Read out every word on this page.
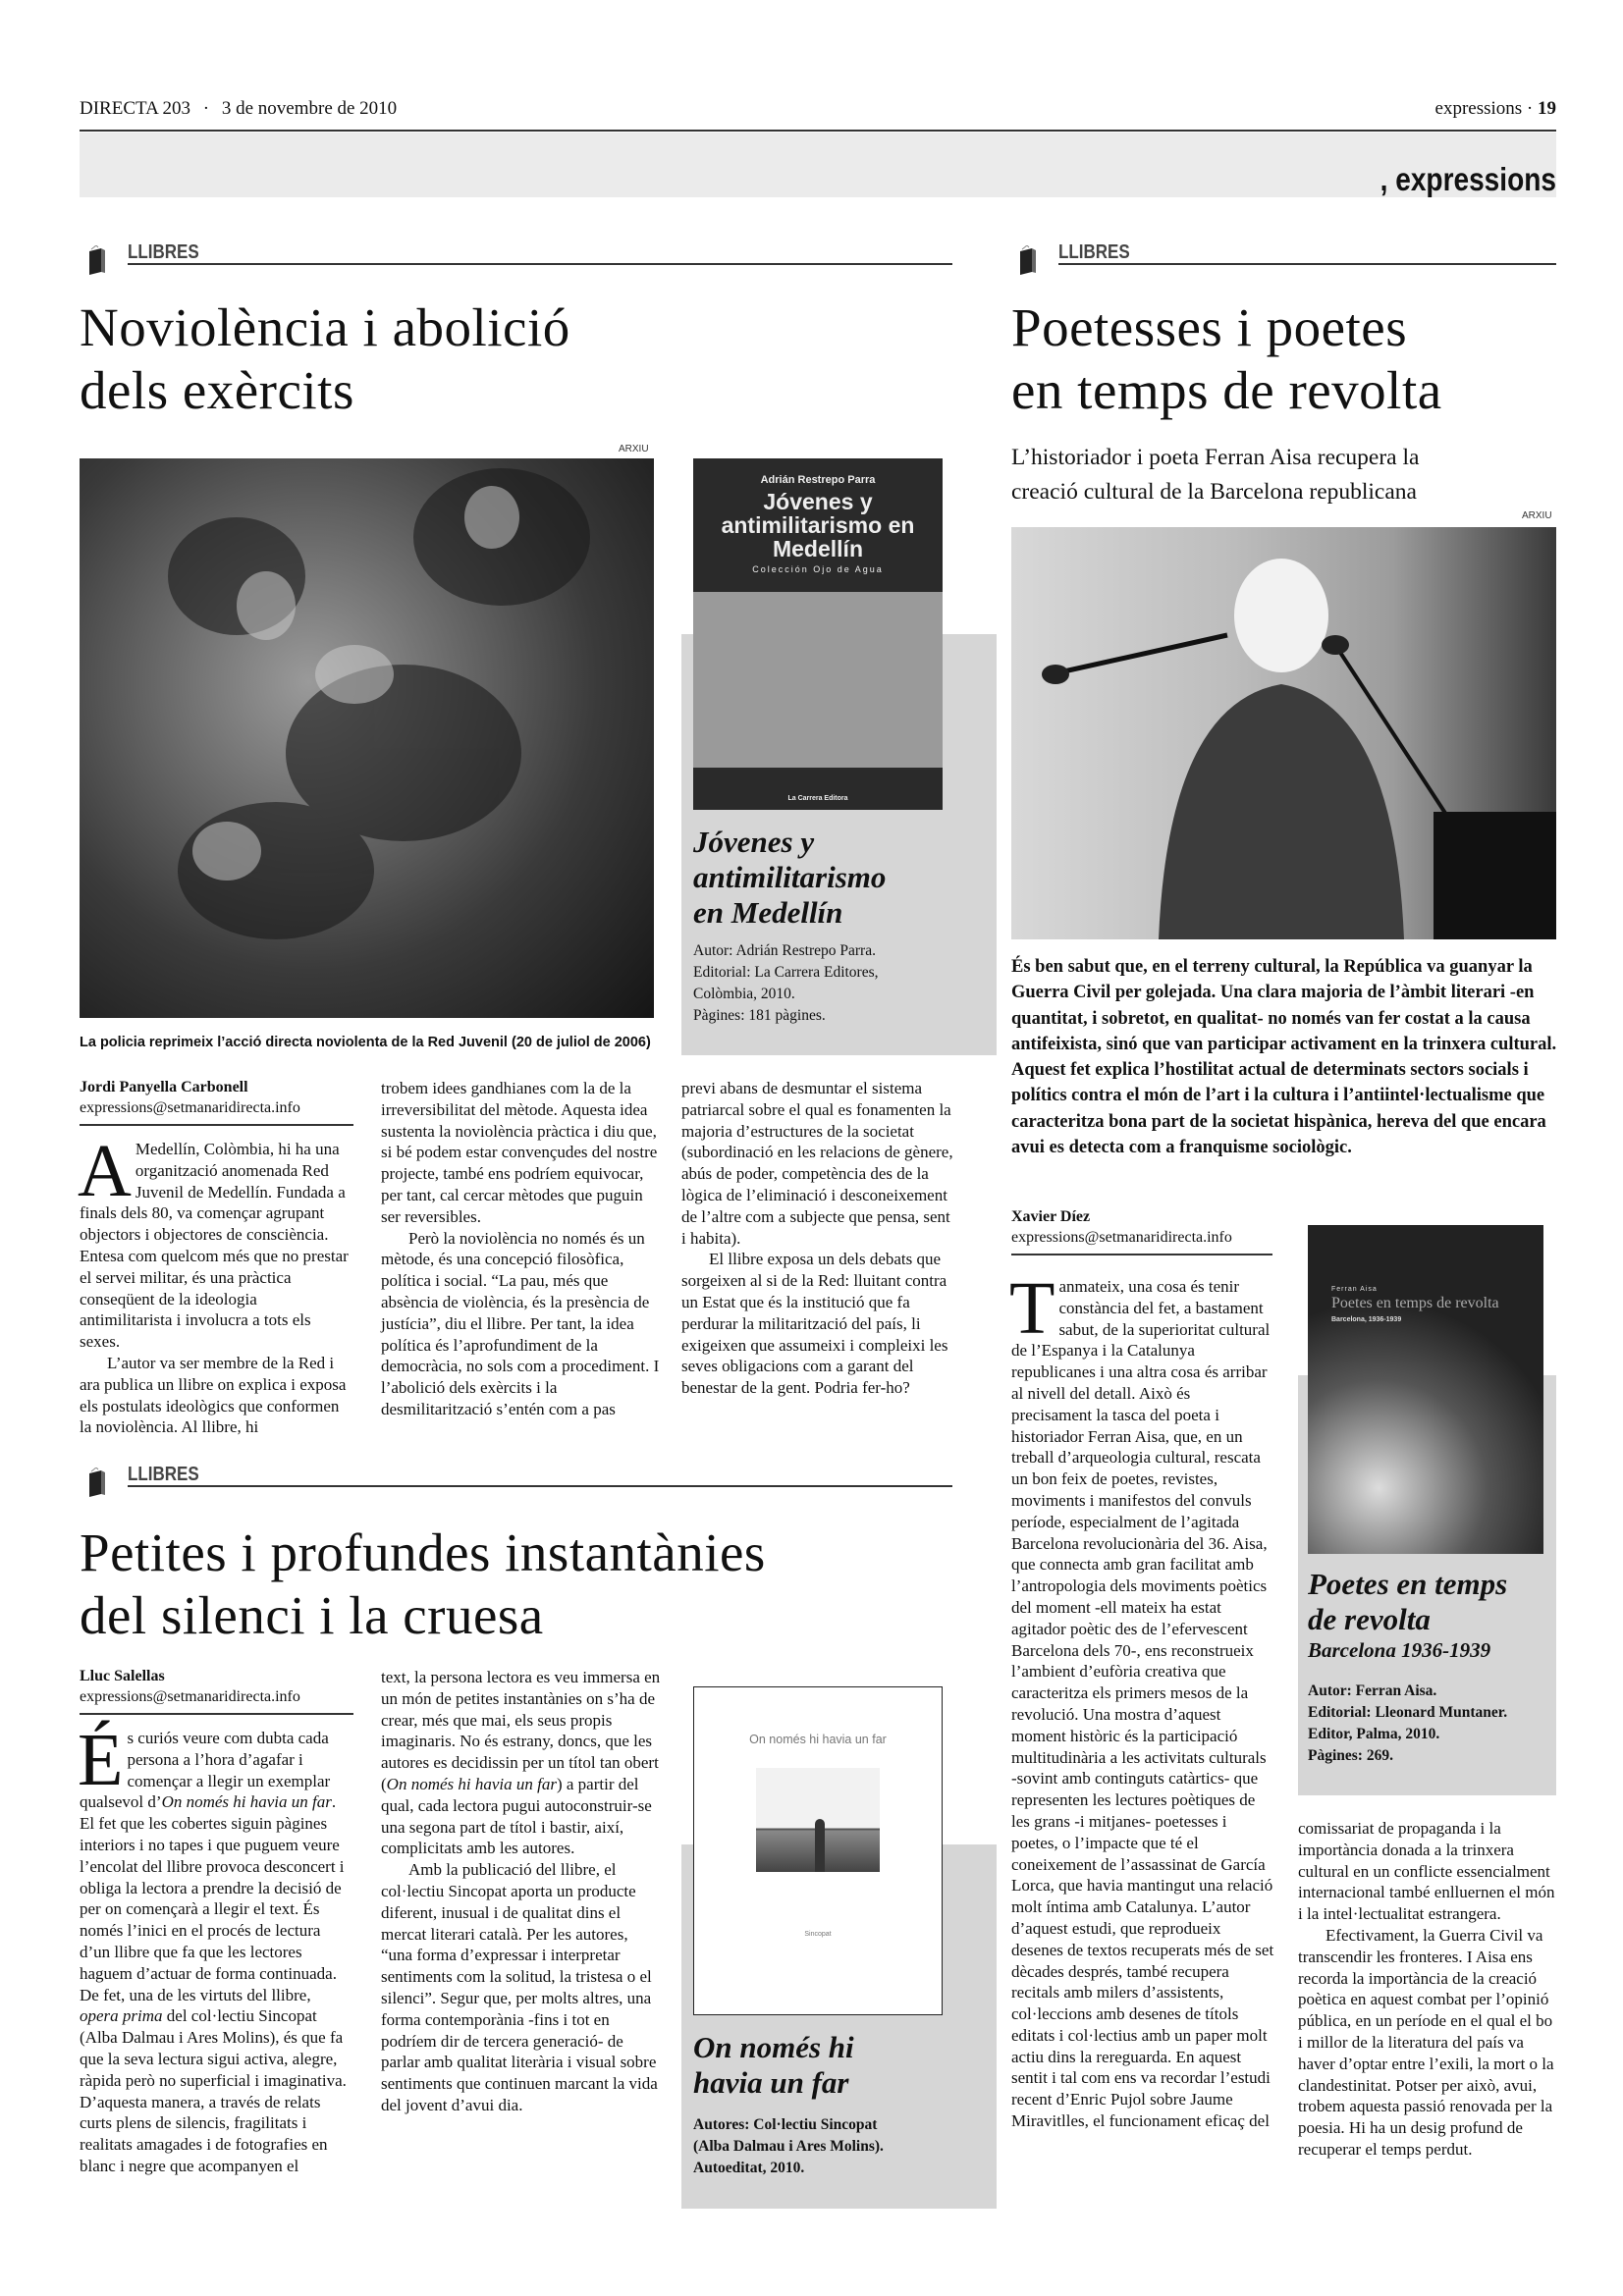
DIRECTA 203 · 3 de novembre de 2010	expressions · 19
, expressions
LLIBRES
Noviolència i abolició
dels exèrcits
ARXIU
La policia reprimeix l’acció directa noviolenta de la Red Juvenil (20 de juliol de 2006)
Adrián Restrepo Parra
Jóvenes y antimilitarismo en Medellín
Colección Ojo de Agua
La Carrera Editora
Jóvenes y
antimilitarismo
en Medellín
Autor: Adrián Restrepo Parra.
Editorial: La Carrera Editores,
Colòmbia, 2010.
Pàgines: 181 pàgines.
Jordi Panyella Carbonell
expressions@setmanaridirecta.info
A Medellín, Colòmbia, hi ha una organització anomenada Red Juvenil de Medellín. Fundada a finals dels 80, va començar agrupant objectors i objectores de consciència. Entesa com quelcom més que no prestar el servei militar, és una pràctica conseqüent de la ideologia antimilitarista i involucra a tots els sexes.

L’autor va ser membre de la Red i ara publica un llibre on explica i exposa els postulats ideològics que conformen la noviolència. Al llibre, hi

trobem idees gandhianes com la de la irreversibilitat del mètode. Aquesta idea sustenta la noviolència pràctica i diu que, si bé podem estar convençudes del nostre projecte, també ens podríem equivocar, per tant, cal cercar mètodes que puguin ser reversibles.

Però la noviolència no només és un mètode, és una concepció filosòfica, política i social. “La pau, més que absència de violència, és la presència de justícia”, diu el llibre. Per tant, la idea política és l’aprofundiment de la democràcia, no sols com a procediment. I l’abolició dels exèrcits i la desmilitarització s’entén com a pas

previ abans de desmuntar el sistema patriarcal sobre el qual es fonamenten la majoria d’estructures de la societat (subordinació en les relacions de gènere, abús de poder, competència des de la lògica de l’eliminació i desconeixement de l’altre com a subjecte que pensa, sent i habita).

El llibre exposa un dels debats que sorgeixen al si de la Red: lluitant contra un Estat que és la institució que fa perdurar la militarització del país, li exigeixen que assumeixi i compleixi les seves obligacions com a garant del benestar de la gent. Podria fer-ho?

LLIBRES
Petites i profundes instantànies
del silenci i la cruesa
Lluc Salellas
expressions@setmanaridirecta.info
É s curiós veure com dubta cada persona a l’hora d’agafar i començar a llegir un exemplar qualsevol d’On només hi havia un far. El fet que les cobertes siguin pàgines interiors i no tapes i que puguem veure l’encolat del llibre provoca desconcert i obliga la lectora a prendre la decisió de per on començarà a llegir el text. És només l’inici en el procés de lectura d’un llibre que fa que les lectores haguem d’actuar de forma continuada. De fet, una de les virtuts del llibre, opera prima del col·lectiu Sincopat (Alba Dalmau i Ares Molins), és que fa que la seva lectura sigui activa, alegre, ràpida però no superficial i imaginativa. D’aquesta manera, a través de relats curts plens de silencis, fragilitats i realitats amagades i de fotografies en blanc i negre que acompanyen el

text, la persona lectora es veu immersa en un món de petites instantànies on s’ha de crear, més que mai, els seus propis imaginaris. No és estrany, doncs, que les autores es decidissin per un títol tan obert (On només hi havia un far) a partir del qual, cada lectora pugui autoconstruir-se una segona part de títol i bastir, així, complicitats amb les autores.

Amb la publicació del llibre, el col·lectiu Sincopat aporta un producte diferent, inusual i de qualitat dins el mercat literari català. Per les autores, “una forma d’expressar i interpretar sentiments com la solitud, la tristesa o el silenci”. Segur que, per molts altres, una forma contemporània -fins i tot en podríem dir de tercera generació- de parlar amb qualitat literària i visual sobre sentiments que continuen marcant la vida del jovent d’avui dia.

On només hi havia un far
Sincopat
On només hi
havia un far
Autores: Col·lectiu Sincopat
(Alba Dalmau i Ares Molins).
Autoeditat, 2010.
LLIBRES
Poetesses i poetes
en temps de revolta
L’historiador i poeta Ferran Aisa recupera la
creació cultural de la Barcelona republicana
ARXIU
És ben sabut que, en el terreny cultural, la República va guanyar la Guerra Civil per golejada. Una clara majoria de l’àmbit literari -en quantitat, i sobretot, en qualitat- no només van fer costat a la causa antifeixista, sinó que van participar activament en la trinxera cultural. Aquest fet explica l’hostilitat actual de determinats sectors socials i polítics contra el món de l’art i la cultura i l’antiintel·lectualisme que caracteritza bona part de la societat hispànica, hereva del que encara avui es detecta com a franquisme sociològic.
Xavier Díez
expressions@setmanaridirecta.info
T anmateix, una cosa és tenir constància del fet, a bastament sabut, de la superioritat cultural de l’Espanya i la Catalunya republicanes i una altra cosa és arribar al nivell del detall. Això és precisament la tasca del poeta i historiador Ferran Aisa, que, en un treball d’arqueologia cultural, rescata un bon feix de poetes, revistes, moviments i manifestos del convuls període, especialment de l’agitada Barcelona revolucionària del 36. Aisa, que connecta amb gran facilitat amb l’antropologia dels moviments poètics del moment -ell mateix ha estat agitador poètic des de l’efervescent Barcelona dels 70-, ens reconstrueix l’ambient d’eufòria creativa que caracteritza els primers mesos de la revolució. Una mostra d’aquest moment històric és la participació multitudinària a les activitats culturals -sovint amb continguts catàrtics- que representen les lectures poètiques de les grans -i mitjanes- poetesses i poetes, o l’impacte que té el coneixement de l’assassinat de García Lorca, que havia mantingut una relació molt íntima amb Catalunya. L’autor d’aquest estudi, que reprodueix desenes de textos recuperats més de set dècades després, també recupera recitals amb milers d’assistents, col·leccions amb desenes de títols editats i col·lectius amb un paper molt actiu dins la rereguarda. En aquest sentit i tal com ens va recordar l’estudi recent d’Enric Pujol sobre Jaume Miravitlles, el funcionament eficaç del

Ferran Aisa
Poetes en temps de revolta
Barcelona, 1936-1939
Poetes en temps
de revolta
Barcelona 1936-1939
Autor: Ferran Aisa.
Editorial: Lleonard Muntaner.
Editor, Palma, 2010.
Pàgines: 269.

comissariat de propaganda i la importància donada a la trinxera cultural en un conflicte essencialment internacional també enlluernen el món i la intel·lectualitat estrangera.

Efectivament, la Guerra Civil va transcendir les fronteres. I Aisa ens recorda la importància de la creació poètica en aquest combat per l’opinió pública, en un període en el qual el bo i millor de la literatura del país va haver d’optar entre l’exili, la mort o la clandestinitat. Potser per això, avui, trobem aquesta passió renovada per la poesia. Hi ha un desig profund de recuperar el temps perdut.
